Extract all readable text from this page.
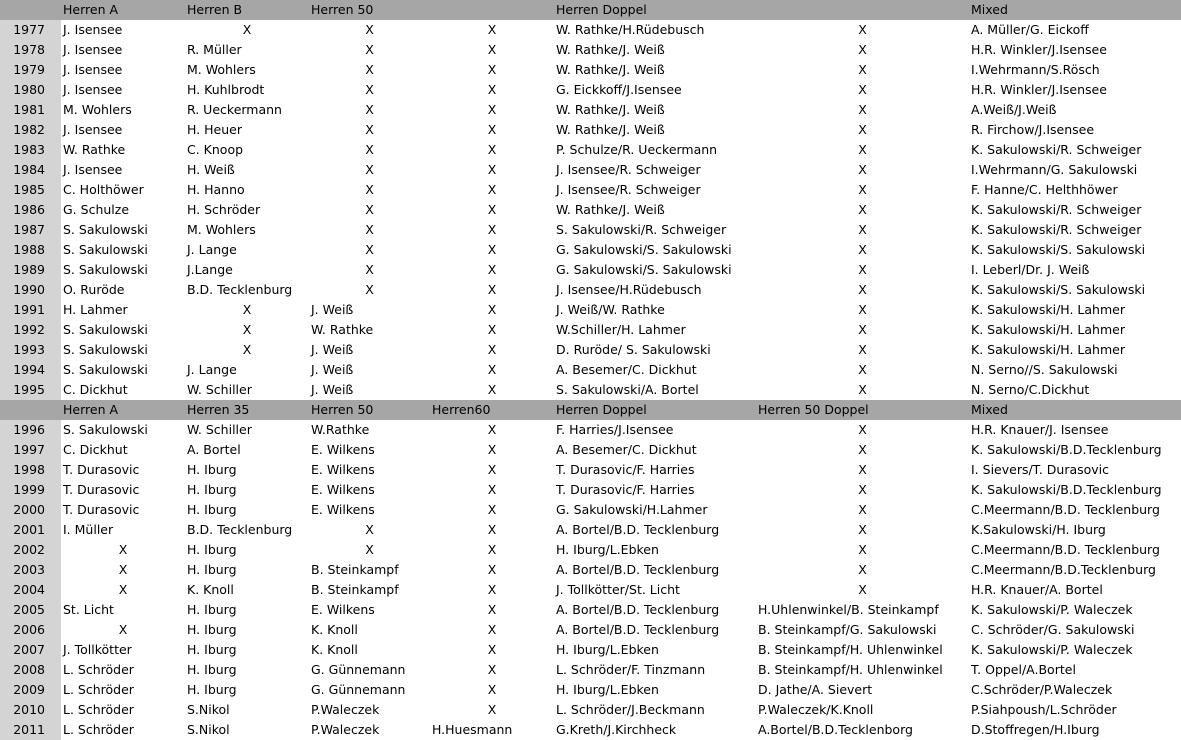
	Herren A	Herren B	Herren 50		Herren Doppel		Mixed
1977	J. Isensee	X	X	X	W. Rathke/H.Rüdebusch	X	A. Müller/G. Eickoff
1978	J. Isensee	R. Müller	X	X	W. Rathke/J. Weiß	X	H.R. Winkler/J.Isensee
1979	J. Isensee	M. Wohlers	X	X	W. Rathke/J. Weiß	X	I.Wehrmann/S.Rösch
1980	J. Isensee	H. Kuhlbrodt	X	X	G. Eickkoff/J.Isensee	X	H.R. Winkler/J.Isensee
1981	M. Wohlers	R. Ueckermann	X	X	W. Rathke/J. Weiß	X	A.Weiß/J.Weiß
1982	J. Isensee	H. Heuer	X	X	W. Rathke/J. Weiß	X	R. Firchow/J.Isensee
1983	W. Rathke	C. Knoop	X	X	P. Schulze/R. Ueckermann	X	K. Sakulowski/R. Schweiger
1984	J. Isensee	H. Weiß	X	X	J. Isensee/R. Schweiger	X	I.Wehrmann/G. Sakulowski
1985	C. Holthöwer	H. Hanno	X	X	J. Isensee/R. Schweiger	X	F. Hanne/C. Helthhöwer
1986	G. Schulze	H. Schröder	X	X	W. Rathke/J. Weiß	X	K. Sakulowski/R. Schweiger
1987	S. Sakulowski	M. Wohlers	X	X	S. Sakulowski/R. Schweiger	X	K. Sakulowski/R. Schweiger
1988	S. Sakulowski	J. Lange	X	X	G. Sakulowski/S. Sakulowski	X	K. Sakulowski/S. Sakulowski
1989	S. Sakulowski	J.Lange	X	X	G. Sakulowski/S. Sakulowski	X	I. Leberl/Dr. J. Weiß
1990	O. Ruröde	B.D. Tecklenburg	X	X	J. Isensee/H.Rüdebusch	X	K. Sakulowski/S. Sakulowski
1991	H. Lahmer	X	J. Weiß	X	J. Weiß/W. Rathke	X	K. Sakulowski/H. Lahmer
1992	S. Sakulowski	X	W. Rathke	X	W.Schiller/H. Lahmer	X	K. Sakulowski/H. Lahmer
1993	S. Sakulowski	X	J. Weiß	X	D. Ruröde/ S. Sakulowski	X	K. Sakulowski/H. Lahmer
1994	S. Sakulowski	J. Lange	J. Weiß	X	A. Besemer/C. Dickhut	X	N. Serno//S. Sakulowski
1995	C. Dickhut	W. Schiller	J. Weiß	X	S. Sakulowski/A. Bortel	X	N. Serno/C.Dickhut
	Herren A	Herren 35	Herren 50	Herren60	Herren Doppel	Herren 50 Doppel	Mixed
1996	S. Sakulowski	W. Schiller	W.Rathke	X	F. Harries/J.Isensee	X	H.R. Knauer/J. Isensee
1997	C. Dickhut	A. Bortel	E. Wilkens	X	A. Besemer/C. Dickhut	X	K. Sakulowski/B.D.Tecklenburg
1998	T. Durasovic	H. Iburg	E. Wilkens	X	T. Durasovic/F. Harries	X	I. Sievers/T. Durasovic
1999	T. Durasovic	H. Iburg	E. Wilkens	X	T. Durasovic/F. Harries	X	K. Sakulowski/B.D.Tecklenburg
2000	T. Durasovic	H. Iburg	E. Wilkens	X	G. Sakulowski/H.Lahmer	X	C.Meermann/B.D. Tecklenburg
2001	I. Müller	B.D. Tecklenburg	X	X	A. Bortel/B.D. Tecklenburg	X	K.Sakulowski/H. Iburg
2002	X	H. Iburg	X	X	H. Iburg/L.Ebken	X	C.Meermann/B.D. Tecklenburg
2003	X	H. Iburg	B. Steinkampf	X	A. Bortel/B.D. Tecklenburg	X	C.Meermann/B.D.Tecklenburg
2004	X	K. Knoll	B. Steinkampf	X	J. Tollkötter/St. Licht	X	H.R. Knauer/A. Bortel
2005	St. Licht	H. Iburg	E. Wilkens	X	A. Bortel/B.D. Tecklenburg	H.Uhlenwinkel/B. Steinkampf	K. Sakulowski/P. Waleczek
2006	X	H. Iburg	K. Knoll	X	A. Bortel/B.D. Tecklenburg	B. Steinkampf/G. Sakulowski	C. Schröder/G. Sakulowski
2007	J. Tollkötter	H. Iburg	K. Knoll	X	H. Iburg/L.Ebken	B. Steinkampf/H. Uhlenwinkel	K. Sakulowski/P. Waleczek
2008	L. Schröder	H. Iburg	G. Günnemann	X	L. Schröder/F. Tinzmann	B. Steinkampf/H. Uhlenwinkel	T. Oppel/A.Bortel
2009	L. Schröder	H. Iburg	G. Günnemann	X	H. Iburg/L.Ebken	D. Jathe/A. Sievert	C.Schröder/P.Waleczek
2010	L. Schröder	S.Nikol	P.Waleczek	X	L. Schröder/J.Beckmann	P.Waleczek/K.Knoll	P.Siahpoush/L.Schröder
2011	L. Schröder	S.Nikol	P.Waleczek	H.Huesmann	G.Kreth/J.Kirchheck	A.Bortel/B.D.Tecklenborg	D.Stoffregen/H.Iburg
